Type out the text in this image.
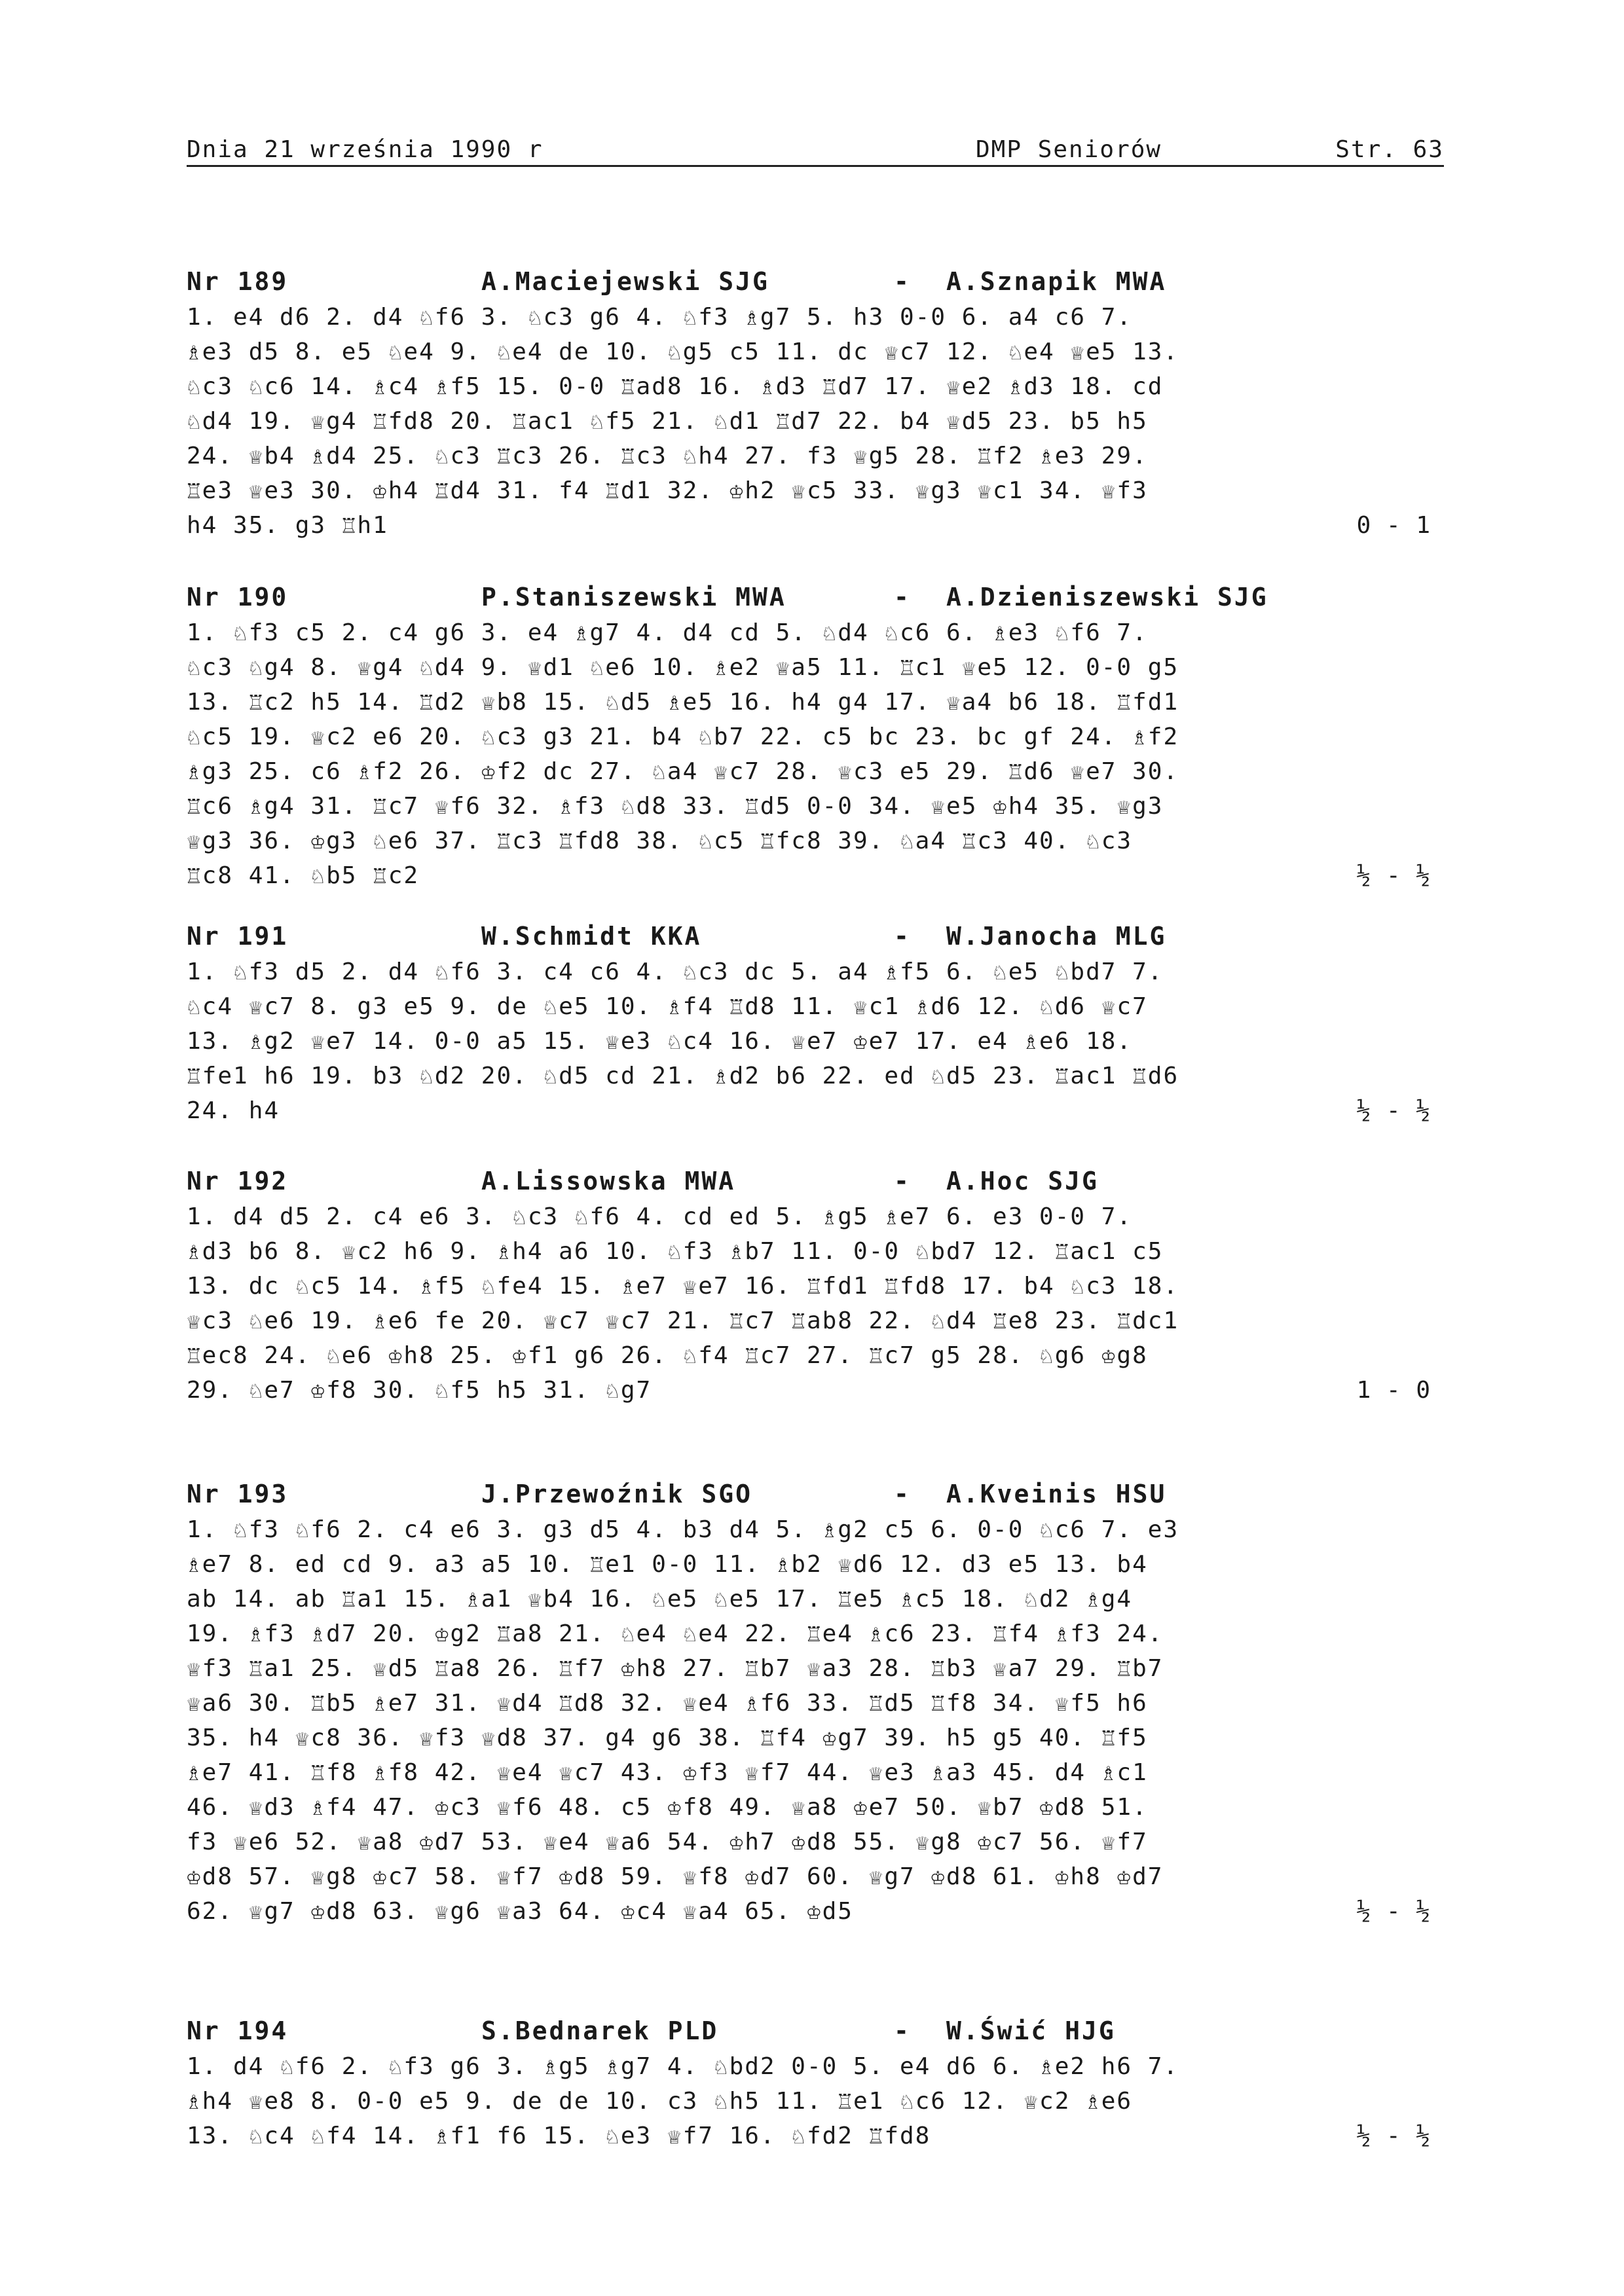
Dnia 21 września 1990 r	DMP Seniorów	Str. 63
Nr 189	A.Maciejewski SJG	- A.Sznapik MWA
1. e4 d6 2. d4 ♘f6 3. ♘c3 g6 4. ♘f3 ♗g7 5. h3 0-0 6. a4 c6 7.
♗e3 d5 8. e5 ♘e4 9. ♘e4 de 10. ♘g5 c5 11. dc ♕c7 12. ♘e4 ♕e5 13.
♘c3 ♘c6 14. ♗c4 ♗f5 15. 0-0 ♖ad8 16. ♗d3 ♖d7 17. ♕e2 ♗d3 18. cd
♘d4 19. ♕g4 ♖fd8 20. ♖ac1 ♘f5 21. ♘d1 ♖d7 22. b4 ♕d5 23. b5 h5
24. ♕b4 ♗d4 25. ♘c3 ♖c3 26. ♖c3 ♘h4 27. f3 ♕g5 28. ♖f2 ♗e3 29.
♖e3 ♕e3 30. ♔h4 ♖d4 31. f4 ♖d1 32. ♔h2 ♕c5 33. ♕g3 ♕c1 34. ♕f3
h4 35. g3 ♖h1	0 - 1
Nr 190	P.Staniszewski MWA	- A.Dzieniszewski SJG
1. ♘f3 c5 2. c4 g6 3. e4 ♗g7 4. d4 cd 5. ♘d4 ♘c6 6. ♗e3 ♘f6 7.
♘c3 ♘g4 8. ♕g4 ♘d4 9. ♕d1 ♘e6 10. ♗e2 ♕a5 11. ♖c1 ♕e5 12. 0-0 g5
13. ♖c2 h5 14. ♖d2 ♕b8 15. ♘d5 ♗e5 16. h4 g4 17. ♕a4 b6 18. ♖fd1
♘c5 19. ♕c2 e6 20. ♘c3 g3 21. b4 ♘b7 22. c5 bc 23. bc gf 24. ♗f2
♗g3 25. c6 ♗f2 26. ♔f2 dc 27. ♘a4 ♕c7 28. ♕c3 e5 29. ♖d6 ♕e7 30.
♖c6 ♗g4 31. ♖c7 ♕f6 32. ♗f3 ♘d8 33. ♖d5 0-0 34. ♕e5 ♔h4 35. ♕g3
♕g3 36. ♔g3 ♘e6 37. ♖c3 ♖fd8 38. ♘c5 ♖fc8 39. ♘a4 ♖c3 40. ♘c3
♖c8 41. ♘b5 ♖c2	½ - ½
Nr 191	W.Schmidt KKA	- W.Janocha MLG
1. ♘f3 d5 2. d4 ♘f6 3. c4 c6 4. ♘c3 dc 5. a4 ♗f5 6. ♘e5 ♘bd7 7.
♘c4 ♕c7 8. g3 e5 9. de ♘e5 10. ♗f4 ♖d8 11. ♕c1 ♗d6 12. ♘d6 ♕c7
13. ♗g2 ♕e7 14. 0-0 a5 15. ♕e3 ♘c4 16. ♕e7 ♔e7 17. e4 ♗e6 18.
♖fe1 h6 19. b3 ♘d2 20. ♘d5 cd 21. ♗d2 b6 22. ed ♘d5 23. ♖ac1 ♖d6
24. h4	½ - ½
Nr 192	A.Lissowska MWA	- A.Hoc SJG
1. d4 d5 2. c4 e6 3. ♘c3 ♘f6 4. cd ed 5. ♗g5 ♗e7 6. e3 0-0 7.
♗d3 b6 8. ♕c2 h6 9. ♗h4 a6 10. ♘f3 ♗b7 11. 0-0 ♘bd7 12. ♖ac1 c5
13. dc ♘c5 14. ♗f5 ♘fe4 15. ♗e7 ♕e7 16. ♖fd1 ♖fd8 17. b4 ♘c3 18.
♕c3 ♘e6 19. ♗e6 fe 20. ♕c7 ♕c7 21. ♖c7 ♖ab8 22. ♘d4 ♖e8 23. ♖dc1
♖ec8 24. ♘e6 ♔h8 25. ♔f1 g6 26. ♘f4 ♖c7 27. ♖c7 g5 28. ♘g6 ♔g8
29. ♘e7 ♔f8 30. ♘f5 h5 31. ♘g7	1 - 0
Nr 193	J.Przewoźnik SGO	- A.Kveinis HSU
1. ♘f3 ♘f6 2. c4 e6 3. g3 d5 4. b3 d4 5. ♗g2 c5 6. 0-0 ♘c6 7. e3
♗e7 8. ed cd 9. a3 a5 10. ♖e1 0-0 11. ♗b2 ♕d6 12. d3 e5 13. b4
ab 14. ab ♖a1 15. ♗a1 ♕b4 16. ♘e5 ♘e5 17. ♖e5 ♗c5 18. ♘d2 ♗g4
19. ♗f3 ♗d7 20. ♔g2 ♖a8 21. ♘e4 ♘e4 22. ♖e4 ♗c6 23. ♖f4 ♗f3 24.
♕f3 ♖a1 25. ♕d5 ♖a8 26. ♖f7 ♔h8 27. ♖b7 ♕a3 28. ♖b3 ♕a7 29. ♖b7
♕a6 30. ♖b5 ♗e7 31. ♕d4 ♖d8 32. ♕e4 ♗f6 33. ♖d5 ♖f8 34. ♕f5 h6
35. h4 ♕c8 36. ♕f3 ♕d8 37. g4 g6 38. ♖f4 ♔g7 39. h5 g5 40. ♖f5
♗e7 41. ♖f8 ♗f8 42. ♕e4 ♕c7 43. ♔f3 ♕f7 44. ♕e3 ♗a3 45. d4 ♗c1
46. ♕d3 ♗f4 47. ♔c3 ♕f6 48. c5 ♔f8 49. ♕a8 ♔e7 50. ♕b7 ♔d8 51.
f3 ♕e6 52. ♕a8 ♔d7 53. ♕e4 ♕a6 54. ♔h7 ♔d8 55. ♕g8 ♔c7 56. ♕f7
♔d8 57. ♕g8 ♔c7 58. ♕f7 ♔d8 59. ♕f8 ♔d7 60. ♕g7 ♔d8 61. ♔h8 ♔d7
62. ♕g7 ♔d8 63. ♕g6 ♕a3 64. ♔c4 ♕a4 65. ♔d5	½ - ½
Nr 194	S.Bednarek PLD	- W.Świć HJG
1. d4 ♘f6 2. ♘f3 g6 3. ♗g5 ♗g7 4. ♘bd2 0-0 5. e4 d6 6. ♗e2 h6 7.
♗h4 ♕e8 8. 0-0 e5 9. de de 10. c3 ♘h5 11. ♖e1 ♘c6 12. ♕c2 ♗e6
13. ♘c4 ♘f4 14. ♗f1 f6 15. ♘e3 ♕f7 16. ♘fd2 ♖fd8	½ - ½
